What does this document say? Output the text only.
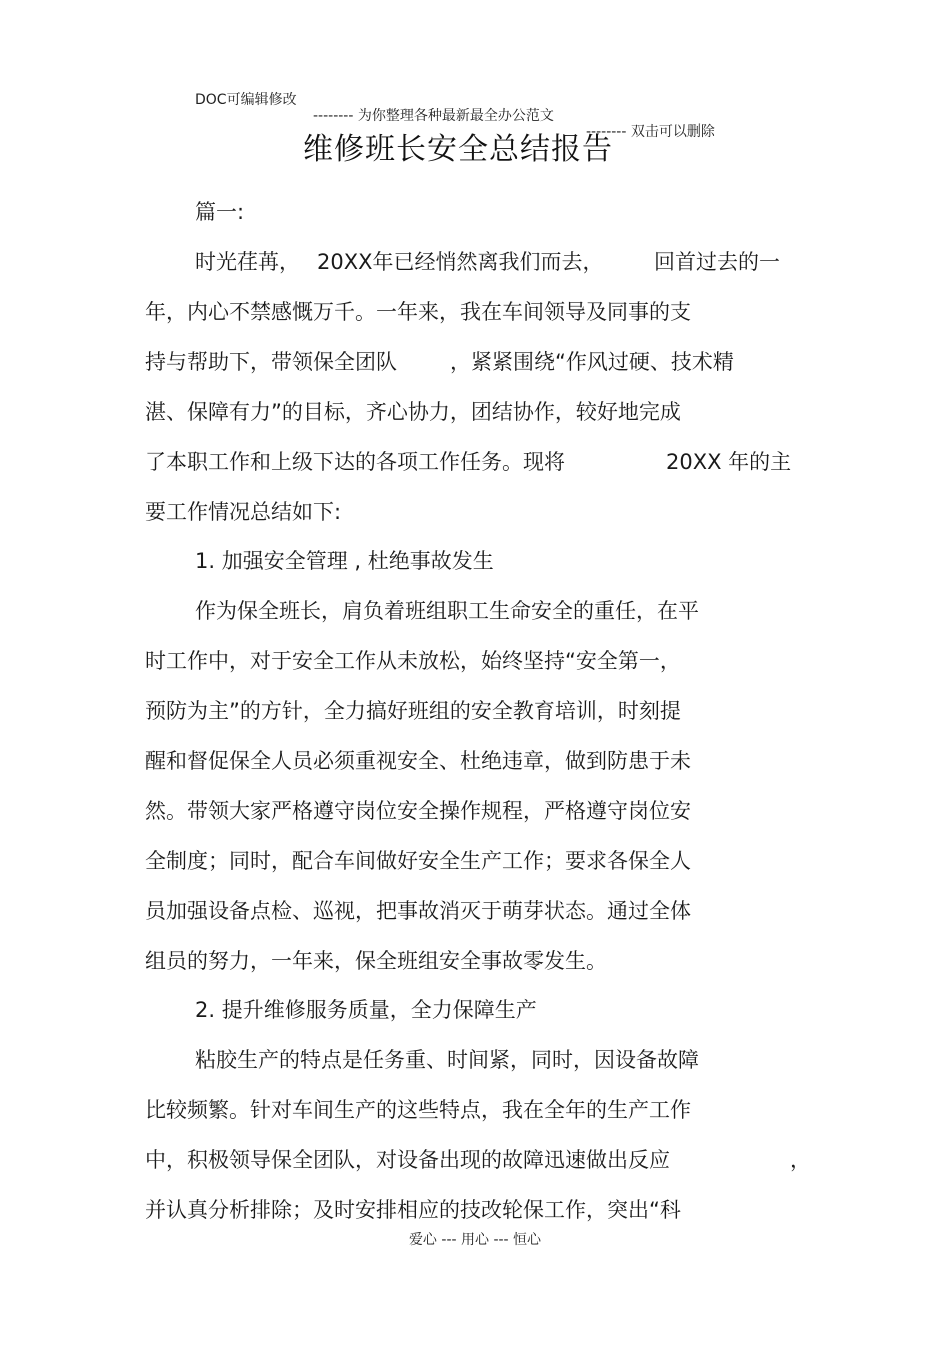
DOC可编辑修改

-------- 为你整理各种最新最全办公范文

-------- 双击可以删除

维修班长安全总结报告
篇一:
时光荏苒， 20XX年已经悄然离我们而去， 回首过去的一
年，内心不禁感慨万千。一年来，我在车间领导及同事的支
持与帮助下，带领保全团队	，紧紧围绕“作风过硬、技术精
湛、保障有力”的目标，齐心协力，团结协作，较好地完成
了本职工作和上级下达的各项工作任务。现将	20XX 年的主
要工作情况总结如下:
1. 加强安全管理 , 杜绝事故发生
作为保全班长，肩负着班组职工生命安全的重任，在平
时工作中，对于安全工作从未放松，始终坚持“安全第一，
预防为主”的方针，全力搞好班组的安全教育培训，时刻提
醒和督促保全人员必须重视安全、杜绝违章，做到防患于未
然。带领大家严格遵守岗位安全操作规程，严格遵守岗位安
全制度；同时，配合车间做好安全生产工作；要求各保全人
员加强设备点检、巡视，把事故消灭于萌芽状态。通过全体
组员的努力，一年来，保全班组安全事故零发生。
2. 提升维修服务质量，全力保障生产
粘胶生产的特点是任务重、时间紧，同时，因设备故障
比较频繁。针对车间生产的这些特点，我在全年的生产工作
中，积极领导保全团队，对设备出现的故障迅速做出反应	，
并认真分析排除；及时安排相应的技改轮保工作，突出“科
爱心 --- 用心 --- 恒心
